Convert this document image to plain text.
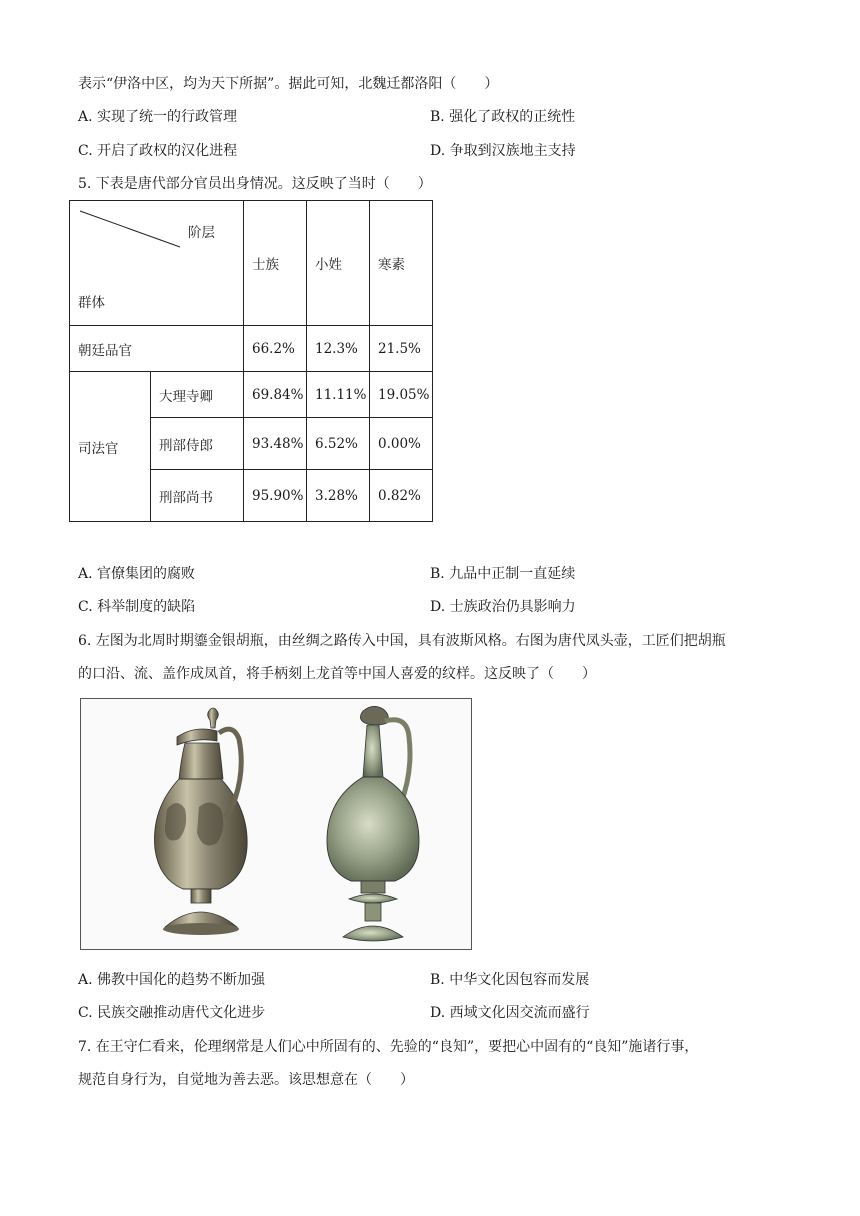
表示“伊洛中区，均为天下所据”。据此可知，北魏迁都洛阳（　　）
A. 实现了统一的行政管理	B. 强化了政权的正统性
C. 开启了政权的汉化进程	D. 争取到汉族地主支持
5. 下表是唐代部分官员出身情况。这反映了当时（　　）
阶层
群体		士族	小姓	寒素
朝廷品官		66.2%	12.3%	21.5%
司法官	大理寺卿	69.84%	11.11%	19.05%
	刑部侍郎	93.48%	6.52%	0.00%
	刑部尚书	95.90%	3.28%	0.82%
A. 官僚集团的腐败	B. 九品中正制一直延续
C. 科举制度的缺陷	D. 士族政治仍具影响力
6. 左图为北周时期鎏金银胡瓶，由丝绸之路传入中国，具有波斯风格。右图为唐代凤头壶，工匠们把胡瓶
的口沿、流、盖作成凤首，将手柄刻上龙首等中国人喜爱的纹样。这反映了（　　）
A. 佛教中国化的趋势不断加强	B. 中华文化因包容而发展
C. 民族交融推动唐代文化进步	D. 西域文化因交流而盛行
7. 在王守仁看来，伦理纲常是人们心中所固有的、先验的“良知”，要把心中固有的“良知”施诸行事，
规范自身行为，自觉地为善去恶。该思想意在（　　）
